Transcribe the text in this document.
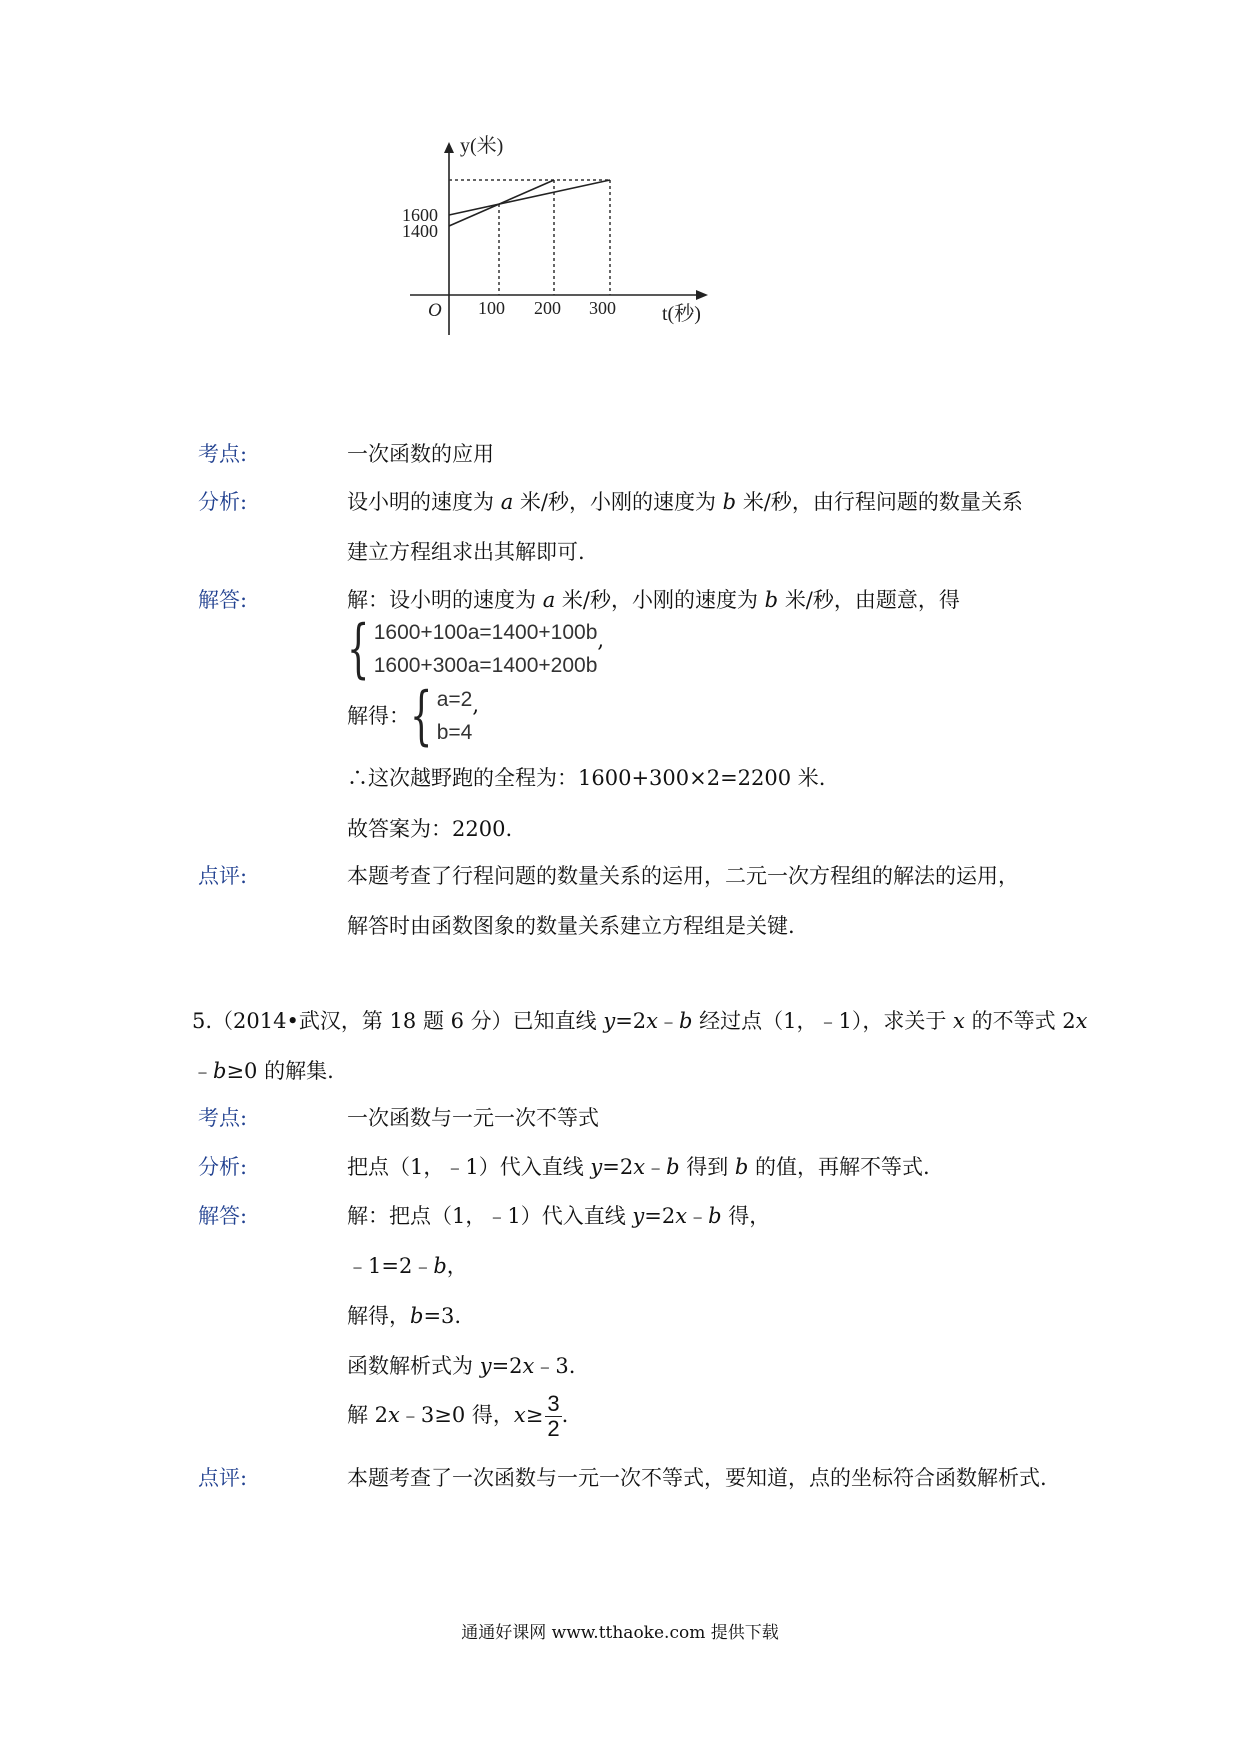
y(米)
t(秒)
O
1600
1400
100 200 300
考点:	一次函数的应用
分析:	设小明的速度为 a 米/秒，小刚的速度为 b 米/秒，由行程问题的数量关系
建立方程组求出其解即可.
解答:	解：设小明的速度为 a 米/秒，小刚的速度为 b 米/秒，由题意，得
{ 1600+100a=1400+100b
1600+300a=1400+200b
,
解得： { a=2
b=4
,
∴这次越野跑的全程为：1600+300×2=2200 米.
故答案为：2200.
点评:	本题考查了行程问题的数量关系的运用，二元一次方程组的解法的运用，
解答时由函数图象的数量关系建立方程组是关键.
5.（2014•武汉，第 18 题 6 分）已知直线 y=2x﹣b 经过点（1，﹣1），求关于 x 的不等式 2x
﹣b≥0 的解集.
考点:	一次函数与一元一次不等式
分析:	把点（1，﹣1）代入直线 y=2x﹣b 得到 b 的值，再解不等式.
解答:	解：把点（1，﹣1）代入直线 y=2x﹣b 得，
﹣1=2﹣b，
解得，b=3.
函数解析式为 y=2x﹣3.
解 2x﹣3≥0 得，$x\ge \frac{3}{2}$ .
点评:	本题考查了一次函数与一元一次不等式，要知道，点的坐标符合函数解析式.
通通好课网 www.tthaoke.com 提供下载
